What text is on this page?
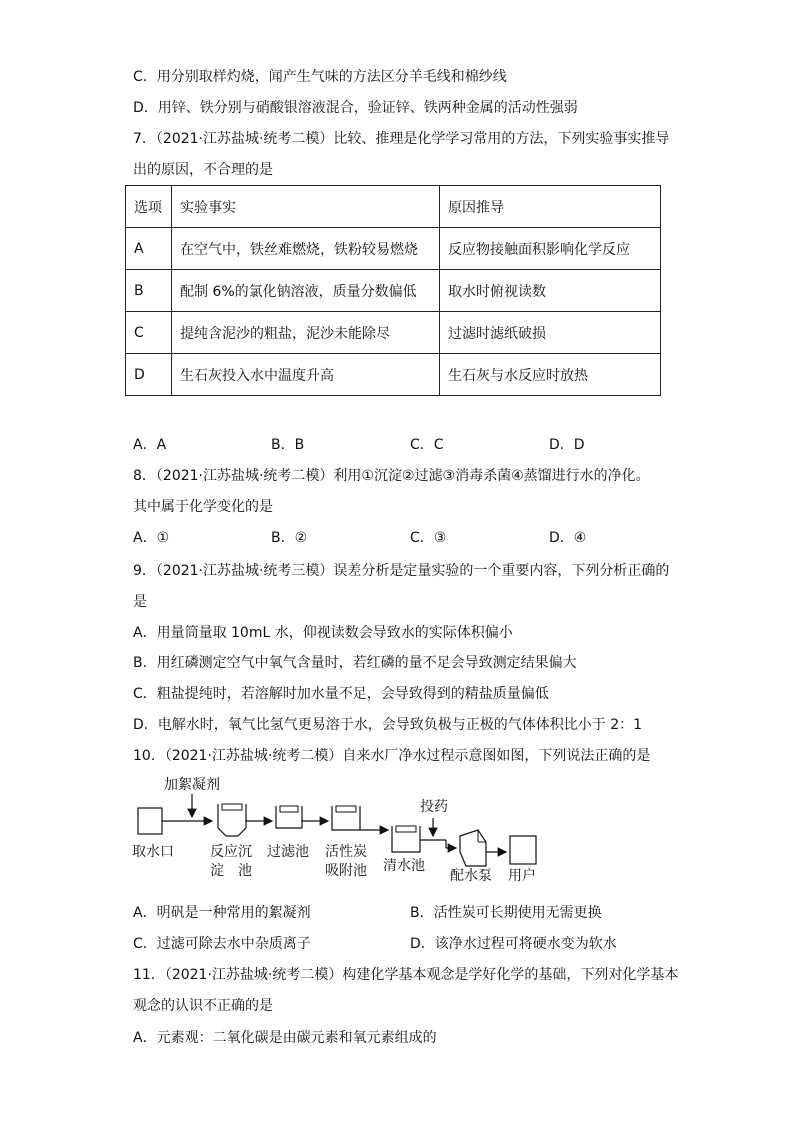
C．用分别取样灼烧，闻产生气味的方法区分羊毛线和棉纱线
D．用锌、铁分别与硝酸银溶液混合，验证锌、铁两种金属的活动性强弱
7．（2021·江苏盐城·统考二模）比较、推理是化学学习常用的方法，下列实验事实推导
出的原因，不合理的是
选项	实验事实	原因推导
A	在空气中，铁丝难燃烧，铁粉较易燃烧	反应物接触面积影响化学反应
B	配制 6%的氯化钠溶液，质量分数偏低	取水时俯视读数
C	提纯含泥沙的粗盐，泥沙未能除尽	过滤时滤纸破损
D	生石灰投入水中温度升高	生石灰与水反应时放热
A．A	B．B	C．C	D．D
8．（2021·江苏盐城·统考二模）利用①沉淀②过滤③消毒杀菌④蒸馏进行水的净化。
其中属于化学变化的是
A．①	B．②	C．③	D．④
9．（2021·江苏盐城·统考三模）误差分析是定量实验的一个重要内容，下列分析正确的
是
A．用量筒量取 10mL 水，仰视读数会导致水的实际体积偏小
B．用红磷测定空气中氧气含量时，若红磷的量不足会导致测定结果偏大
C．粗盐提纯时，若溶解时加水量不足，会导致得到的精盐质量偏低
D．电解水时，氧气比氢气更易溶于水，会导致负极与正极的气体体积比小于 2：1
10．（2021·江苏盐城·统考二模）自来水厂净水过程示意图如图，下列说法正确的是
加絮凝剂
投药
取水口	反应沉
淀　池
过滤池 活性炭
吸附池 清水池
配水泵 用户
A．明矾是一种常用的絮凝剂	B．活性炭可长期使用无需更换
C．过滤可除去水中杂质离子	D．该净水过程可将硬水变为软水
11．（2021·江苏盐城·统考二模）构建化学基本观念是学好化学的基础，下列对化学基本
观念的认识不正确的是
A．元素观：二氧化碳是由碳元素和氧元素组成的
